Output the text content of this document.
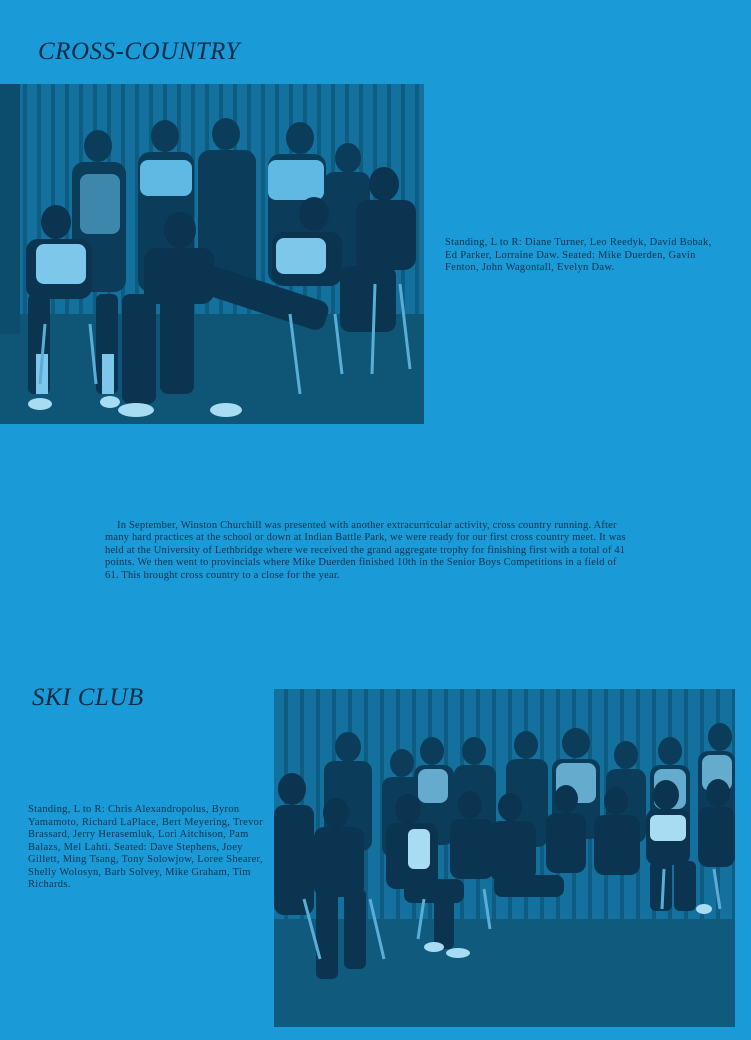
CROSS-COUNTRY

Standing, L to R: Diane Turner, Leo Reedyk, David Bobak, Ed Parker, Lorraine Daw. Seated: Mike Duerden, Gavin Fenton, John Wagontall, Evelyn Daw.

In September, Winston Churchill was presented with another extracurricular activity, cross country running. After many hard practices at the school or down at Indian Battle Park, we were ready for our first cross country meet. It was held at the University of Lethbridge where we received the grand aggregate trophy for finishing first with a total of 41 points. We then went to provincials where Mike Duerden finished 10th in the Senior Boys Competitions in a field of 61. This brought cross country to a close for the year.

SKI CLUB

Standing, L to R: Chris Alexandropolus, Byron Yamamoto, Richard LaPlace, Bert Meyering, Trevor Brassard, Jerry Herasemluk, Lori Aitchison, Pam Balazs, Mel Lahti. Seated: Dave Stephens, Joey Gillett, Ming Tsang, Tony Solowjow, Loree Shearer, Shelly Wolosyn, Barb Solvey, Mike Graham, Tim Richards.
